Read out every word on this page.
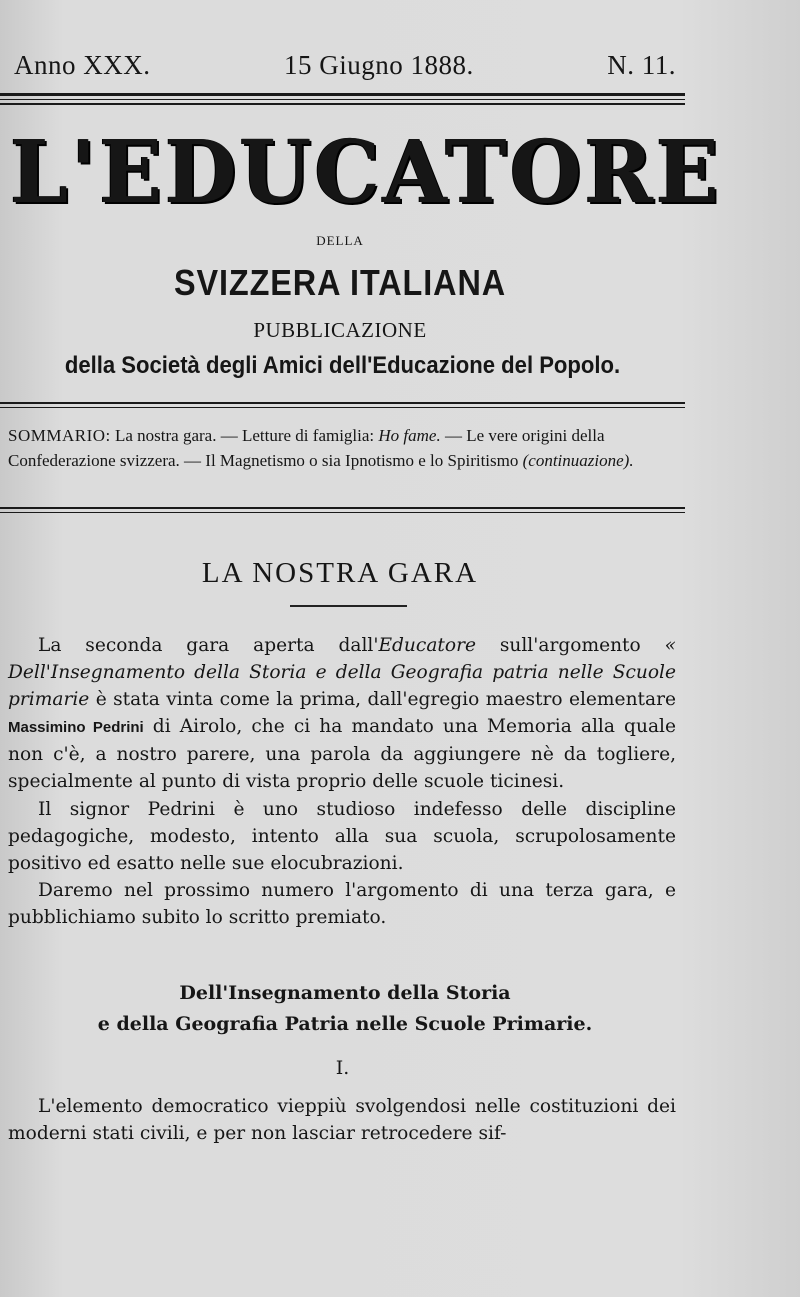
Anno XXX.	15 Giugno 1888.	N. 11.
L'EDUCATORE
DELLA
SVIZZERA ITALIANA
PUBBLICAZIONE
della Società degli Amici dell'Educazione del Popolo.
SOMMARIO: La nostra gara. — Letture di famiglia: Ho fame. — Le vere origini della Confederazione svizzera. — Il Magnetismo o sia Ipnotismo e lo Spiritismo (continuazione).
LA NOSTRA GARA

La seconda gara aperta dall'Educatore sull'argomento « Dell'Insegnamento della Storia e della Geografia patria nelle Scuole primarie è stata vinta come la prima, dall'egregio maestro elementare Massimino Pedrini di Airolo, che ci ha mandato una Memoria alla quale non c'è, a nostro parere, una parola da aggiungere nè da togliere, specialmente al punto di vista proprio delle scuole ticinesi.

Il signor Pedrini è uno studioso indefesso delle discipline pedagogiche, modesto, intento alla sua scuola, scrupolosamente positivo ed esatto nelle sue elocubrazioni.

Daremo nel prossimo numero l'argomento di una terza gara, e pubblichiamo subito lo scritto premiato.

Dell'Insegnamento della Storia
e della Geografia Patria nelle Scuole Primarie.
I.

L'elemento democratico vieppiù svolgendosi nelle costituzioni dei moderni stati civili, e per non lasciar retrocedere sif-
